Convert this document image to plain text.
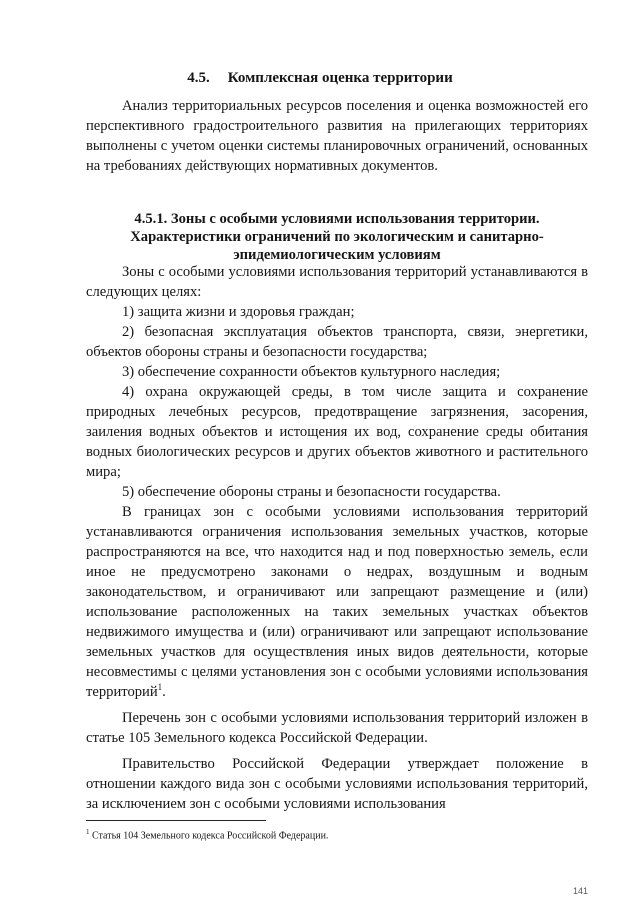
4.5. Комплексная оценка территории

Анализ территориальных ресурсов поселения и оценка возможностей его перспективного градостроительного развития на прилегающих территориях выполнены с учетом оценки системы планировочных ограничений, основанных на требованиях действующих нормативных документов.

4.5.1. Зоны с особыми условиями использования территории.
Характеристики ограничений по экологическим и санитарно-эпидемиологическим условиям

Зоны с особыми условиями использования территорий устанавливаются в следующих целях:

1) защита жизни и здоровья граждан;

2) безопасная эксплуатация объектов транспорта, связи, энергетики, объектов обороны страны и безопасности государства;

3) обеспечение сохранности объектов культурного наследия;

4) охрана окружающей среды, в том числе защита и сохранение природных лечебных ресурсов, предотвращение загрязнения, засорения, заиления водных объектов и истощения их вод, сохранение среды обитания водных биологических ресурсов и других объектов животного и растительного мира;

5) обеспечение обороны страны и безопасности государства.

В границах зон с особыми условиями использования территорий устанавливаются ограничения использования земельных участков, которые распространяются на все, что находится над и под поверхностью земель, если иное не предусмотрено законами о недрах, воздушным и водным законодательством, и ограничивают или запрещают размещение и (или) использование расположенных на таких земельных участках объектов недвижимого имущества и (или) ограничивают или запрещают использование земельных участков для осуществления иных видов деятельности, которые несовместимы с целями установления зон с особыми условиями использования территорий$^1$.

Перечень зон с особыми условиями использования территорий изложен в статье 105 Земельного кодекса Российской Федерации.

Правительство Российской Федерации утверждает положение в отношении каждого вида зон с особыми условиями использования территорий, за исключением зон с особыми условиями использования

$^1$ Статья 104 Земельного кодекса Российской Федерации.
141
